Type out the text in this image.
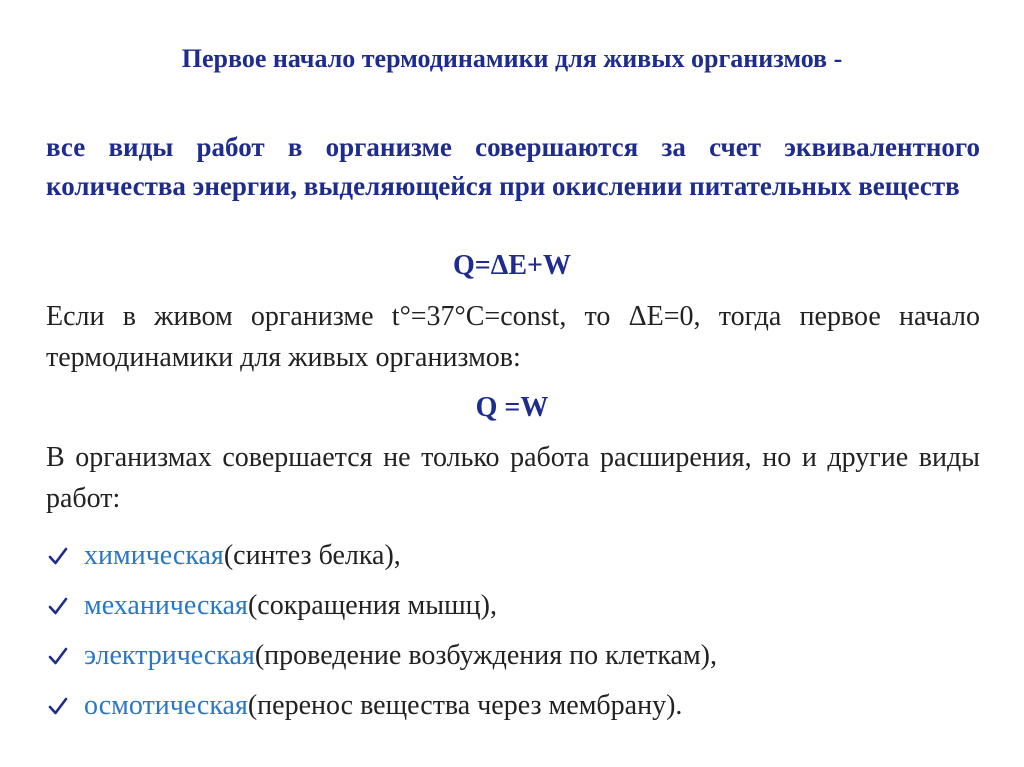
Первое начало термодинамики для живых организмов -
все виды работ в организме совершаются за счет эквивалентного количества энергии, выделяющейся при окислении питательных веществ
Q=ΔE+W
Если в живом организме t°=37°C=const, то ΔE=0, тогда первое начало термодинамики для живых организмов:
Q =W
В организмах совершается не только работа расширения, но и другие виды работ:
химическая (синтез белка),
механическая (сокращения мышц),
электрическая (проведение возбуждения по клеткам),
осмотическая (перенос вещества через мембрану).
